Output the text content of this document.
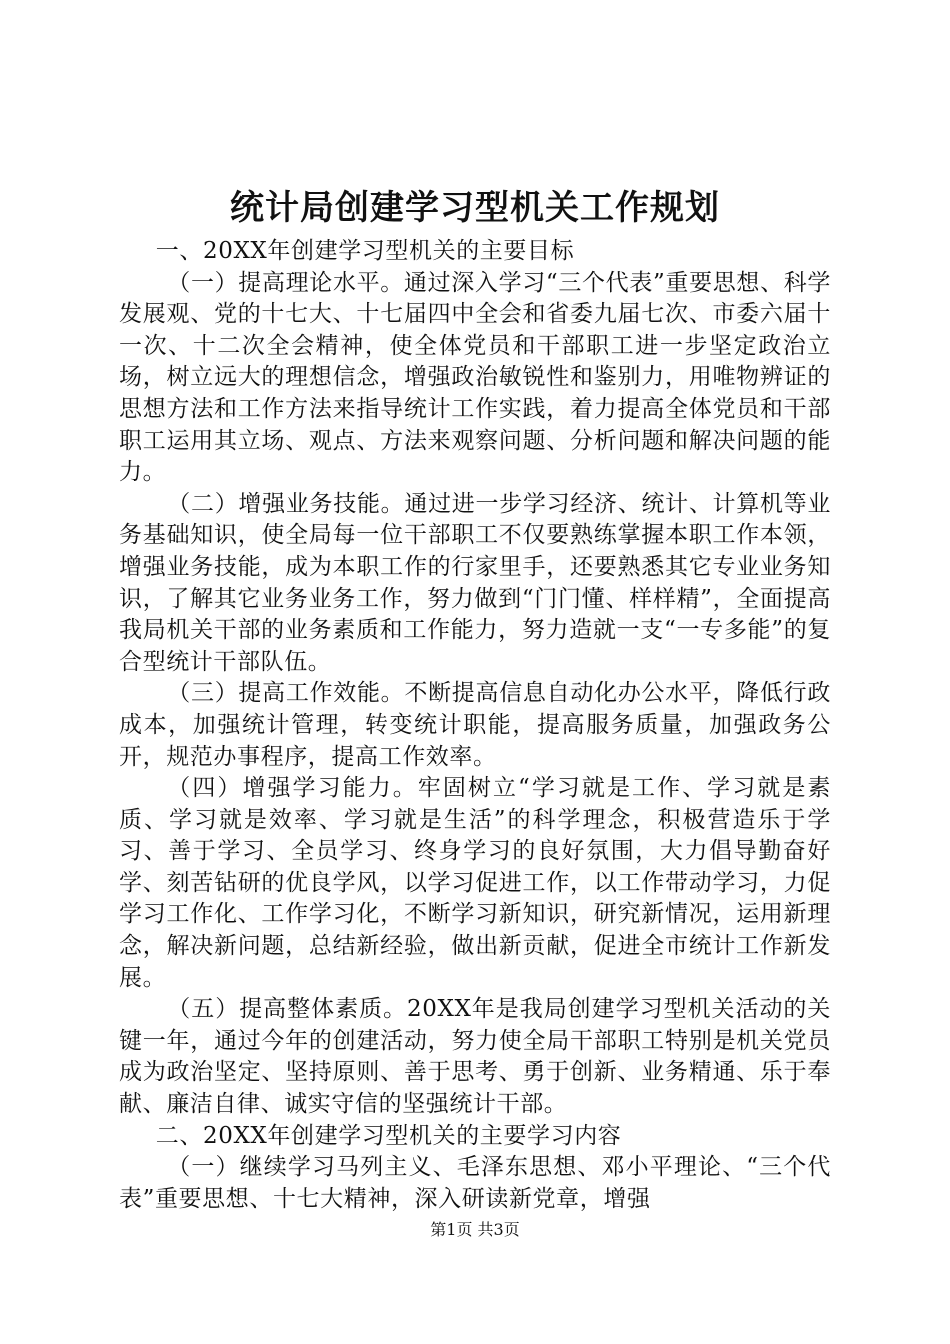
统计局创建学习型机关工作规划

一、20XX年创建学习型机关的主要目标

（一）提高理论水平。通过深入学习“三个代表”重要思想、科学发展观、党的十七大、十七届四中全会和省委九届七次、市委六届十一次、十二次全会精神，使全体党员和干部职工进一步坚定政治立场，树立远大的理想信念，增强政治敏锐性和鉴别力，用唯物辨证的思想方法和工作方法来指导统计工作实践，着力提高全体党员和干部职工运用其立场、观点、方法来观察问题、分析问题和解决问题的能力。

（二）增强业务技能。通过进一步学习经济、统计、计算机等业务基础知识，使全局每一位干部职工不仅要熟练掌握本职工作本领，增强业务技能，成为本职工作的行家里手，还要熟悉其它专业业务知识，了解其它业务业务工作，努力做到“门门懂、样样精”，全面提高我局机关干部的业务素质和工作能力，努力造就一支“一专多能”的复合型统计干部队伍。

（三）提高工作效能。不断提高信息自动化办公水平，降低行政成本，加强统计管理，转变统计职能，提高服务质量，加强政务公开，规范办事程序，提高工作效率。

（四）增强学习能力。牢固树立“学习就是工作、学习就是素质、学习就是效率、学习就是生活”的科学理念，积极营造乐于学习、善于学习、全员学习、终身学习的良好氛围，大力倡导勤奋好学、刻苦钻研的优良学风，以学习促进工作，以工作带动学习，力促学习工作化、工作学习化，不断学习新知识，研究新情况，运用新理念，解决新问题，总结新经验，做出新贡献，促进全市统计工作新发展。

（五）提高整体素质。20XX年是我局创建学习型机关活动的关键一年，通过今年的创建活动，努力使全局干部职工特别是机关党员成为政治坚定、坚持原则、善于思考、勇于创新、业务精通、乐于奉献、廉洁自律、诚实守信的坚强统计干部。

二、20XX年创建学习型机关的主要学习内容

（一）继续学习马列主义、毛泽东思想、邓小平理论、“三个代表”重要思想、十七大精神，深入研读新党章，增强

第1页 共3页
